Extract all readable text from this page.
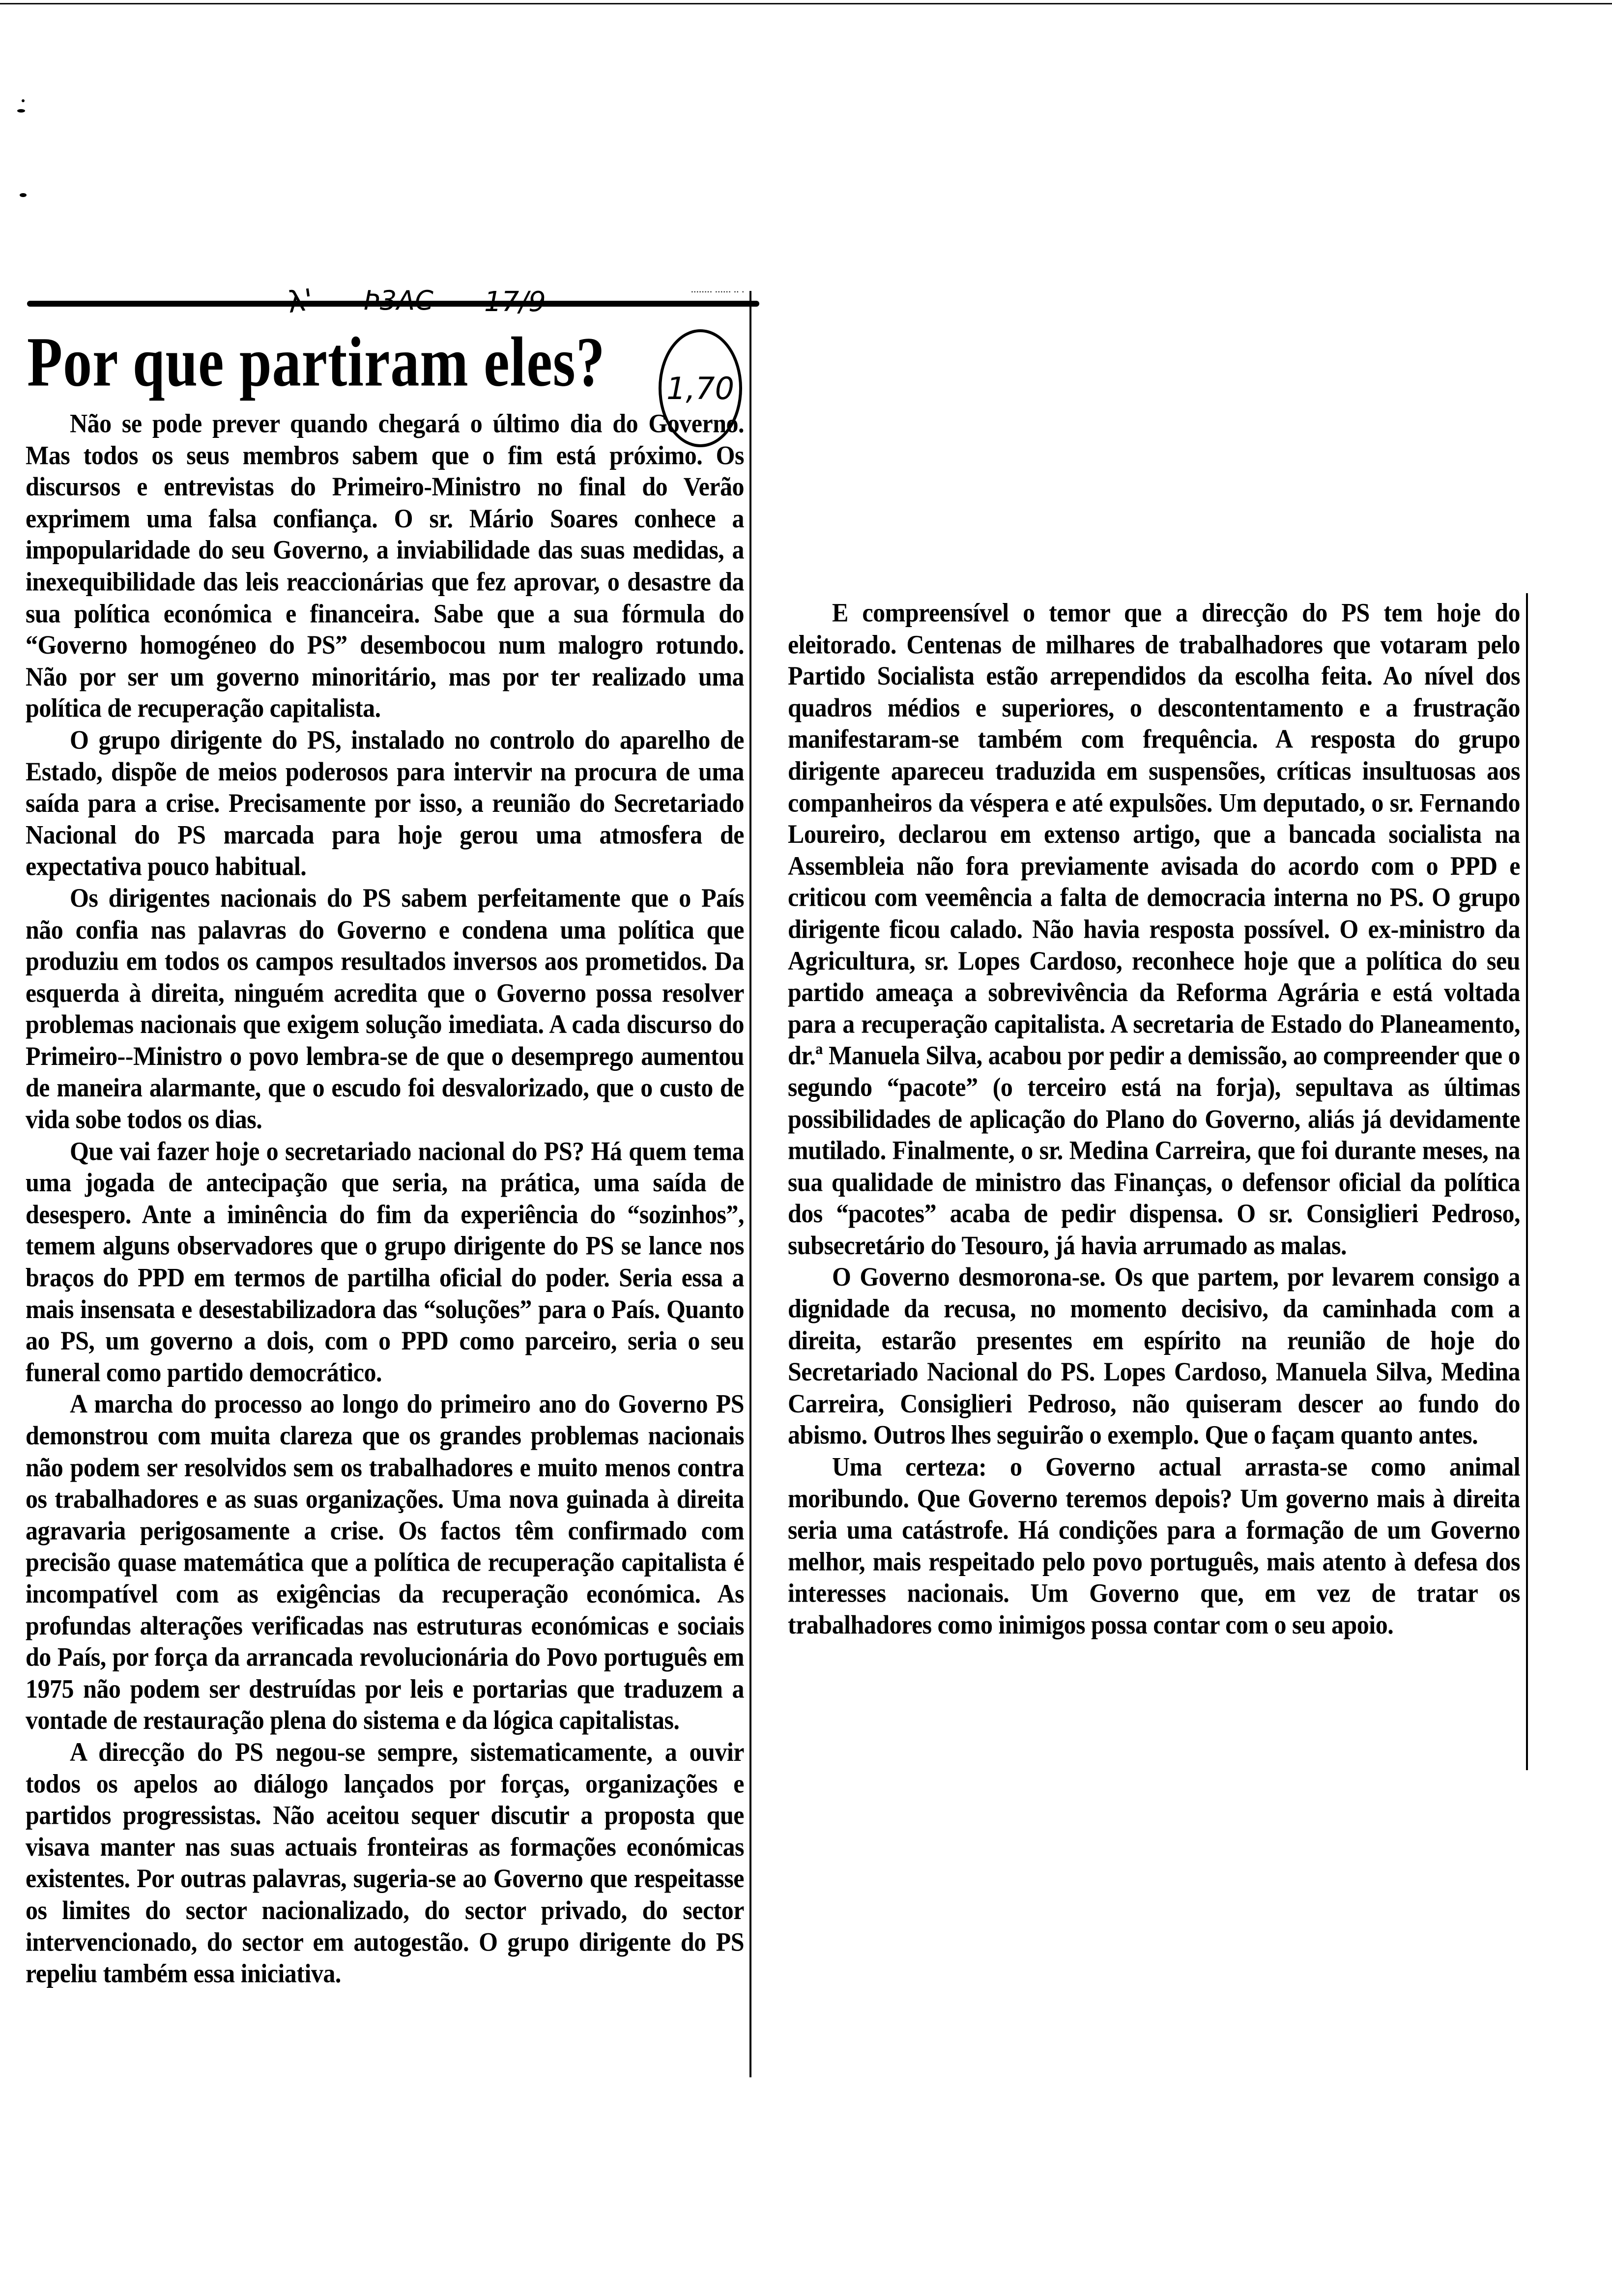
........ ...... .. .
λ' Þ3AC 17/9
Por que partiram eles? 1,70

Não se pode prever quando chegará o último dia do Governo. Mas todos os seus membros sabem que o fim está próximo. Os discursos e entrevistas do Primeiro-Ministro no final do Verão exprimem uma falsa confiança. O sr. Mário Soares conhece a impopularidade do seu Governo, a inviabilidade das suas medidas, a inexequibilidade das leis reaccionárias que fez aprovar, o desastre da sua política económica e financeira. Sabe que a sua fórmula do “Governo homogéneo do PS” desembocou num malogro rotundo. Não por ser um governo minoritário, mas por ter realizado uma política de recuperação capitalista.

O grupo dirigente do PS, instalado no controlo do aparelho de Estado, dispõe de meios poderosos para intervir na procura de uma saída para a crise. Precisamente por isso, a reunião do Secretariado Nacional do PS marcada para hoje gerou uma atmosfera de expectativa pouco habitual.

Os dirigentes nacionais do PS sabem perfeitamente que o País não confia nas palavras do Governo e condena uma política que produziu em todos os campos resultados inversos aos prometidos. Da esquerda à direita, ninguém acredita que o Governo possa resolver problemas nacionais que exigem solução imediata. A cada discurso do Primeiro--Ministro o povo lembra-se de que o desemprego aumentou de maneira alarmante, que o escudo foi desvalorizado, que o custo de vida sobe todos os dias.

Que vai fazer hoje o secretariado nacional do PS? Há quem tema uma jogada de antecipação que seria, na prática, uma saída de desespero. Ante a iminência do fim da experiência do “sozinhos”, temem alguns observadores que o grupo dirigente do PS se lance nos braços do PPD em termos de partilha oficial do poder. Seria essa a mais insensata e desestabilizadora das “soluções” para o País. Quanto ao PS, um governo a dois, com o PPD como parceiro, seria o seu funeral como partido democrático.

A marcha do processo ao longo do primeiro ano do Governo PS demonstrou com muita clareza que os grandes problemas nacionais não podem ser resolvidos sem os trabalhadores e muito menos contra os trabalhadores e as suas organizações. Uma nova guinada à direita agravaria perigosamente a crise. Os factos têm confirmado com precisão quase matemática que a política de recuperação capitalista é incompatível com as exigências da recuperação económica. As profundas alterações verificadas nas estruturas económicas e sociais do País, por força da arrancada revolucionária do Povo português em 1975 não podem ser destruídas por leis e portarias que traduzem a vontade de restauração plena do sistema e da lógica capitalistas.

A direcção do PS negou-se sempre, sistematicamente, a ouvir todos os apelos ao diálogo lançados por forças, organizações e partidos progressistas. Não aceitou sequer discutir a proposta que visava manter nas suas actuais fronteiras as formações económicas existentes. Por outras palavras, sugeria-se ao Governo que respeitasse os limites do sector nacionalizado, do sector privado, do sector intervencionado, do sector em autogestão. O grupo dirigente do PS repeliu também essa iniciativa.

E compreensível o temor que a direcção do PS tem hoje do eleitorado. Centenas de milhares de trabalhadores que votaram pelo Partido Socialista estão arrependidos da escolha feita. Ao nível dos quadros médios e superiores, o descontentamento e a frustração manifestaram-se também com frequência. A resposta do grupo dirigente apareceu traduzida em suspensões, críticas insultuosas aos companheiros da véspera e até expulsões. Um deputado, o sr. Fernando Loureiro, declarou em extenso artigo, que a bancada socialista na Assembleia não fora previamente avisada do acordo com o PPD e criticou com veemência a falta de democracia interna no PS. O grupo dirigente ficou calado. Não havia resposta possível. O ex-ministro da Agricultura, sr. Lopes Cardoso, reconhece hoje que a política do seu partido ameaça a sobrevivência da Reforma Agrária e está voltada para a recuperação capitalista. A secretaria de Estado do Planeamento, dr.ª Manuela Silva, acabou por pedir a demissão, ao compreender que o segundo “pacote” (o terceiro está na forja), sepultava as últimas possibilidades de aplicação do Plano do Governo, aliás já devidamente mutilado. Finalmente, o sr. Medina Carreira, que foi durante meses, na sua qualidade de ministro das Finanças, o defensor oficial da política dos “pacotes” acaba de pedir dispensa. O sr. Consiglieri Pedroso, subsecretário do Tesouro, já havia arrumado as malas.

O Governo desmorona-se. Os que partem, por levarem consigo a dignidade da recusa, no momento decisivo, da caminhada com a direita, estarão presentes em espírito na reunião de hoje do Secretariado Nacional do PS. Lopes Cardoso, Manuela Silva, Medina Carreira, Consiglieri Pedroso, não quiseram descer ao fundo do abismo. Outros lhes seguirão o exemplo. Que o façam quanto antes.

Uma certeza: o Governo actual arrasta-se como animal moribundo. Que Governo teremos depois? Um governo mais à direita seria uma catástrofe. Há condições para a formação de um Governo melhor, mais respeitado pelo povo português, mais atento à defesa dos interesses nacionais. Um Governo que, em vez de tratar os trabalhadores como inimigos possa contar com o seu apoio.
